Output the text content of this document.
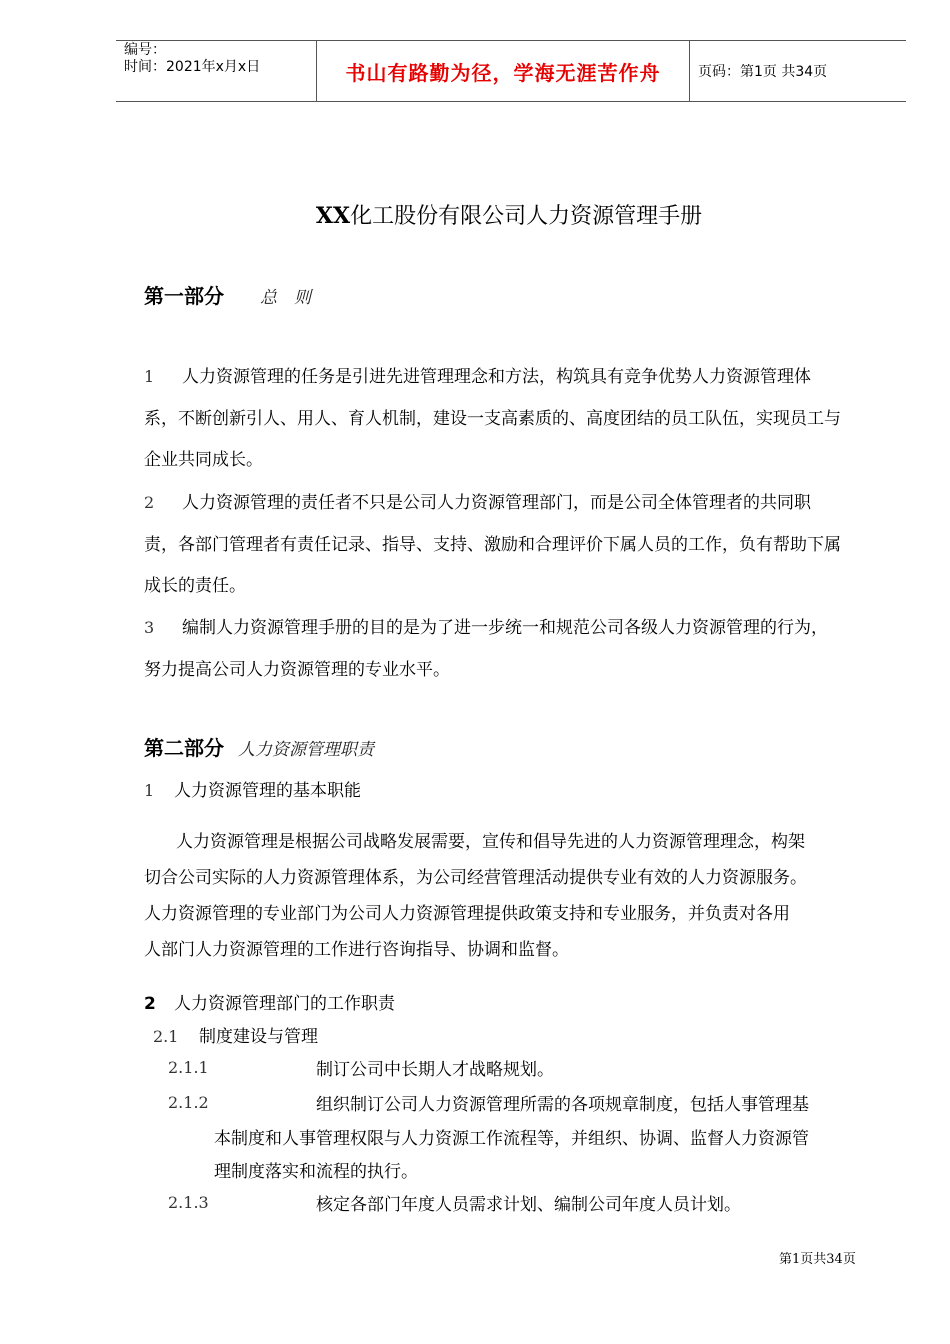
编号：
时间：2021年x月x日	书山有路勤为径，学海无涯苦作舟	页码：第1页 共34页
XX化工股份有限公司人力资源管理手册
第一部分 总　则
1	人力资源管理的任务是引进先进管理理念和方法，构筑具有竞争优势人力资源管理体
系，不断创新引人、用人、育人机制，建设一支高素质的、高度团结的员工队伍，实现员工与
企业共同成长。
2	人力资源管理的责任者不只是公司人力资源管理部门，而是公司全体管理者的共同职
责，各部门管理者有责任记录、指导、支持、激励和合理评价下属人员的工作，负有帮助下属
成长的责任。
3	编制人力资源管理手册的目的是为了进一步统一和规范公司各级人力资源管理的行为，
努力提高公司人力资源管理的专业水平。
第二部分 人力资源管理职责
1 人力资源管理的基本职能
人力资源管理是根据公司战略发展需要，宣传和倡导先进的人力资源管理理念，构架
切合公司实际的人力资源管理体系，为公司经营管理活动提供专业有效的人力资源服务。
人力资源管理的专业部门为公司人力资源管理提供政策支持和专业服务，并负责对各用
人部门人力资源管理的工作进行咨询指导、协调和监督。
2 人力资源管理部门的工作职责
2.1 制度建设与管理
2.1.1	制订公司中长期人才战略规划。
2.1.2	组织制订公司人力资源管理所需的各项规章制度，包括人事管理基
本制度和人事管理权限与人力资源工作流程等，并组织、协调、监督人力资源管
理制度落实和流程的执行。
2.1.3	核定各部门年度人员需求计划、编制公司年度人员计划。
第1页共34页
